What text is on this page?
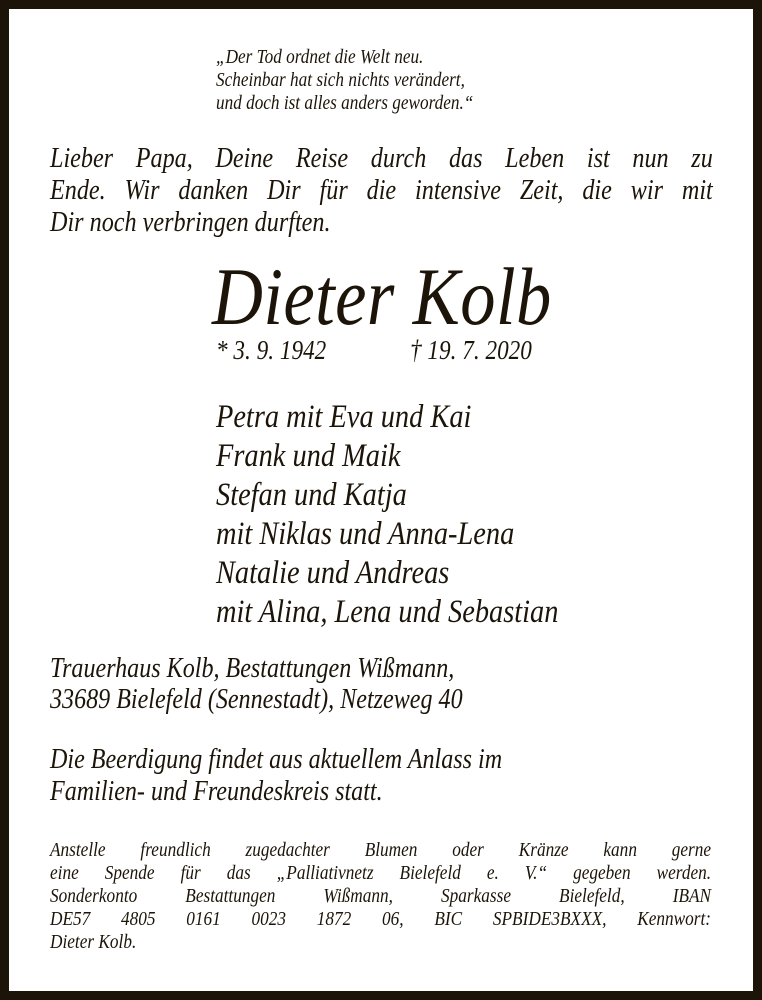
„Der Tod ordnet die Welt neu.
Scheinbar hat sich nichts verändert,
und doch ist alles anders geworden.“
Lieber Papa, Deine Reise durch das Leben ist nun zu
Ende. Wir danken Dir für die intensive Zeit, die wir mit
Dir noch verbringen durften.
Dieter Kolb
* 3. 9. 1942	† 19. 7. 2020
Petra mit Eva und Kai
Frank und Maik
Stefan und Katja
mit Niklas und Anna-Lena
Natalie und Andreas
mit Alina, Lena und Sebastian
Trauerhaus Kolb, Bestattungen Wißmann,
33689 Bielefeld (Sennestadt), Netzeweg 40
Die Beerdigung findet aus aktuellem Anlass im
Familien- und Freundeskreis statt.
Anstelle freundlich zugedachter Blumen oder Kränze kann gerne
eine Spende für das „Palliativnetz Bielefeld e. V.“ gegeben werden.
Sonderkonto Bestattungen Wißmann, Sparkasse Bielefeld, IBAN
DE57 4805 0161 0023 1872 06, BIC SPBIDE3BXXX, Kennwort:
Dieter Kolb.
